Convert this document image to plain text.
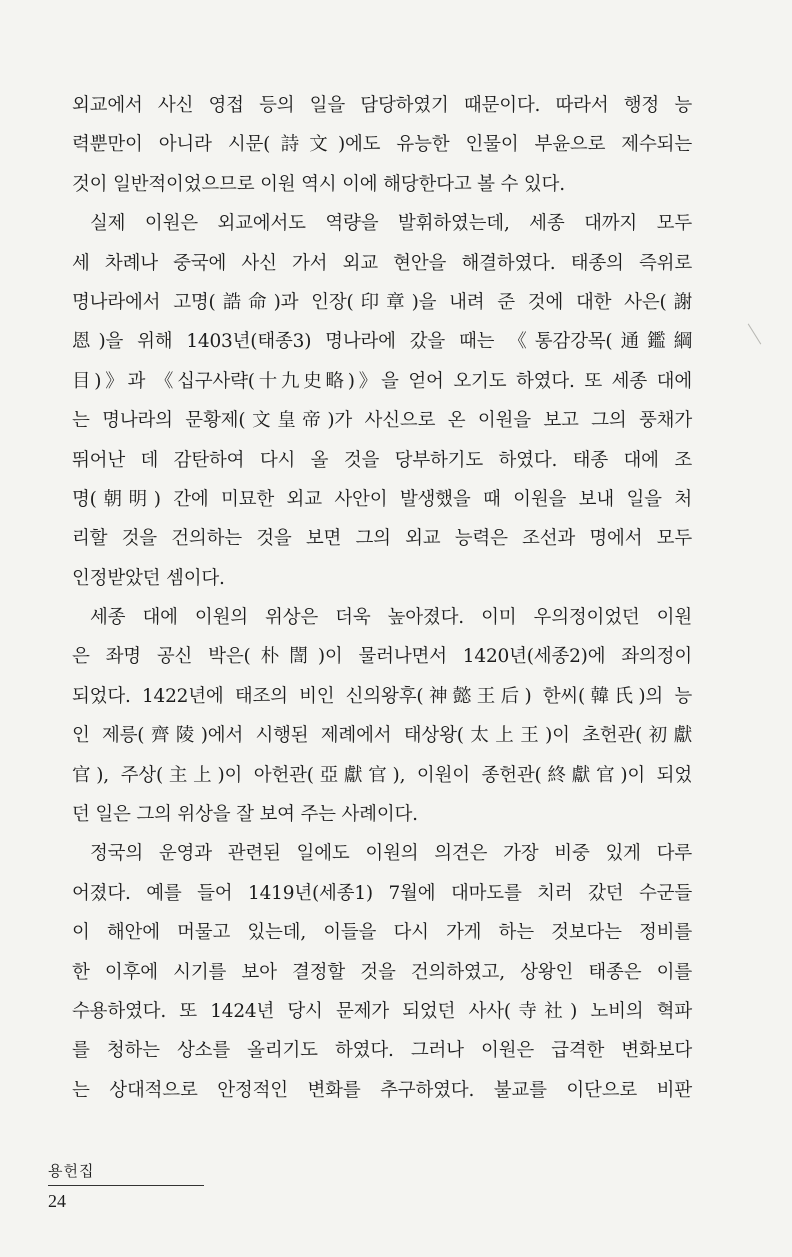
외교에서 사신 영접 등의 일을 담당하였기 때문이다. 따라서 행정 능
력뿐만이 아니라 시문(詩文)에도 유능한 인물이 부윤으로 제수되는
것이 일반적이었으므로 이원 역시 이에 해당한다고 볼 수 있다.
실제 이원은 외교에서도 역량을 발휘하였는데, 세종 대까지 모두
세 차례나 중국에 사신 가서 외교 현안을 해결하였다. 태종의 즉위로
명나라에서 고명(誥命)과 인장(印章)을 내려 준 것에 대한 사은(謝
恩)을 위해 1403년(태종3) 명나라에 갔을 때는 《통감강목(通鑑綱
目)》과 《십구사략(十九史略)》을 얻어 오기도 하였다. 또 세종 대에
는 명나라의 문황제(文皇帝)가 사신으로 온 이원을 보고 그의 풍채가
뛰어난 데 감탄하여 다시 올 것을 당부하기도 하였다. 태종 대에 조
명(朝明) 간에 미묘한 외교 사안이 발생했을 때 이원을 보내 일을 처
리할 것을 건의하는 것을 보면 그의 외교 능력은 조선과 명에서 모두
인정받았던 셈이다.
세종 대에 이원의 위상은 더욱 높아졌다. 이미 우의정이었던 이원
은 좌명 공신 박은(朴誾)이 물러나면서 1420년(세종2)에 좌의정이
되었다. 1422년에 태조의 비인 신의왕후(神懿王后) 한씨(韓氏)의 능
인 제릉(齊陵)에서 시행된 제례에서 태상왕(太上王)이 초헌관(初獻
官), 주상(主上)이 아헌관(亞獻官), 이원이 종헌관(終獻官)이 되었
던 일은 그의 위상을 잘 보여 주는 사례이다.
정국의 운영과 관련된 일에도 이원의 의견은 가장 비중 있게 다루
어졌다. 예를 들어 1419년(세종1) 7월에 대마도를 치러 갔던 수군들
이 해안에 머물고 있는데, 이들을 다시 가게 하는 것보다는 정비를
한 이후에 시기를 보아 결정할 것을 건의하였고, 상왕인 태종은 이를
수용하였다. 또 1424년 당시 문제가 되었던 사사(寺社) 노비의 혁파
를 청하는 상소를 올리기도 하였다. 그러나 이원은 급격한 변화보다
는 상대적으로 안정적인 변화를 추구하였다. 불교를 이단으로 비판
용헌집
24
